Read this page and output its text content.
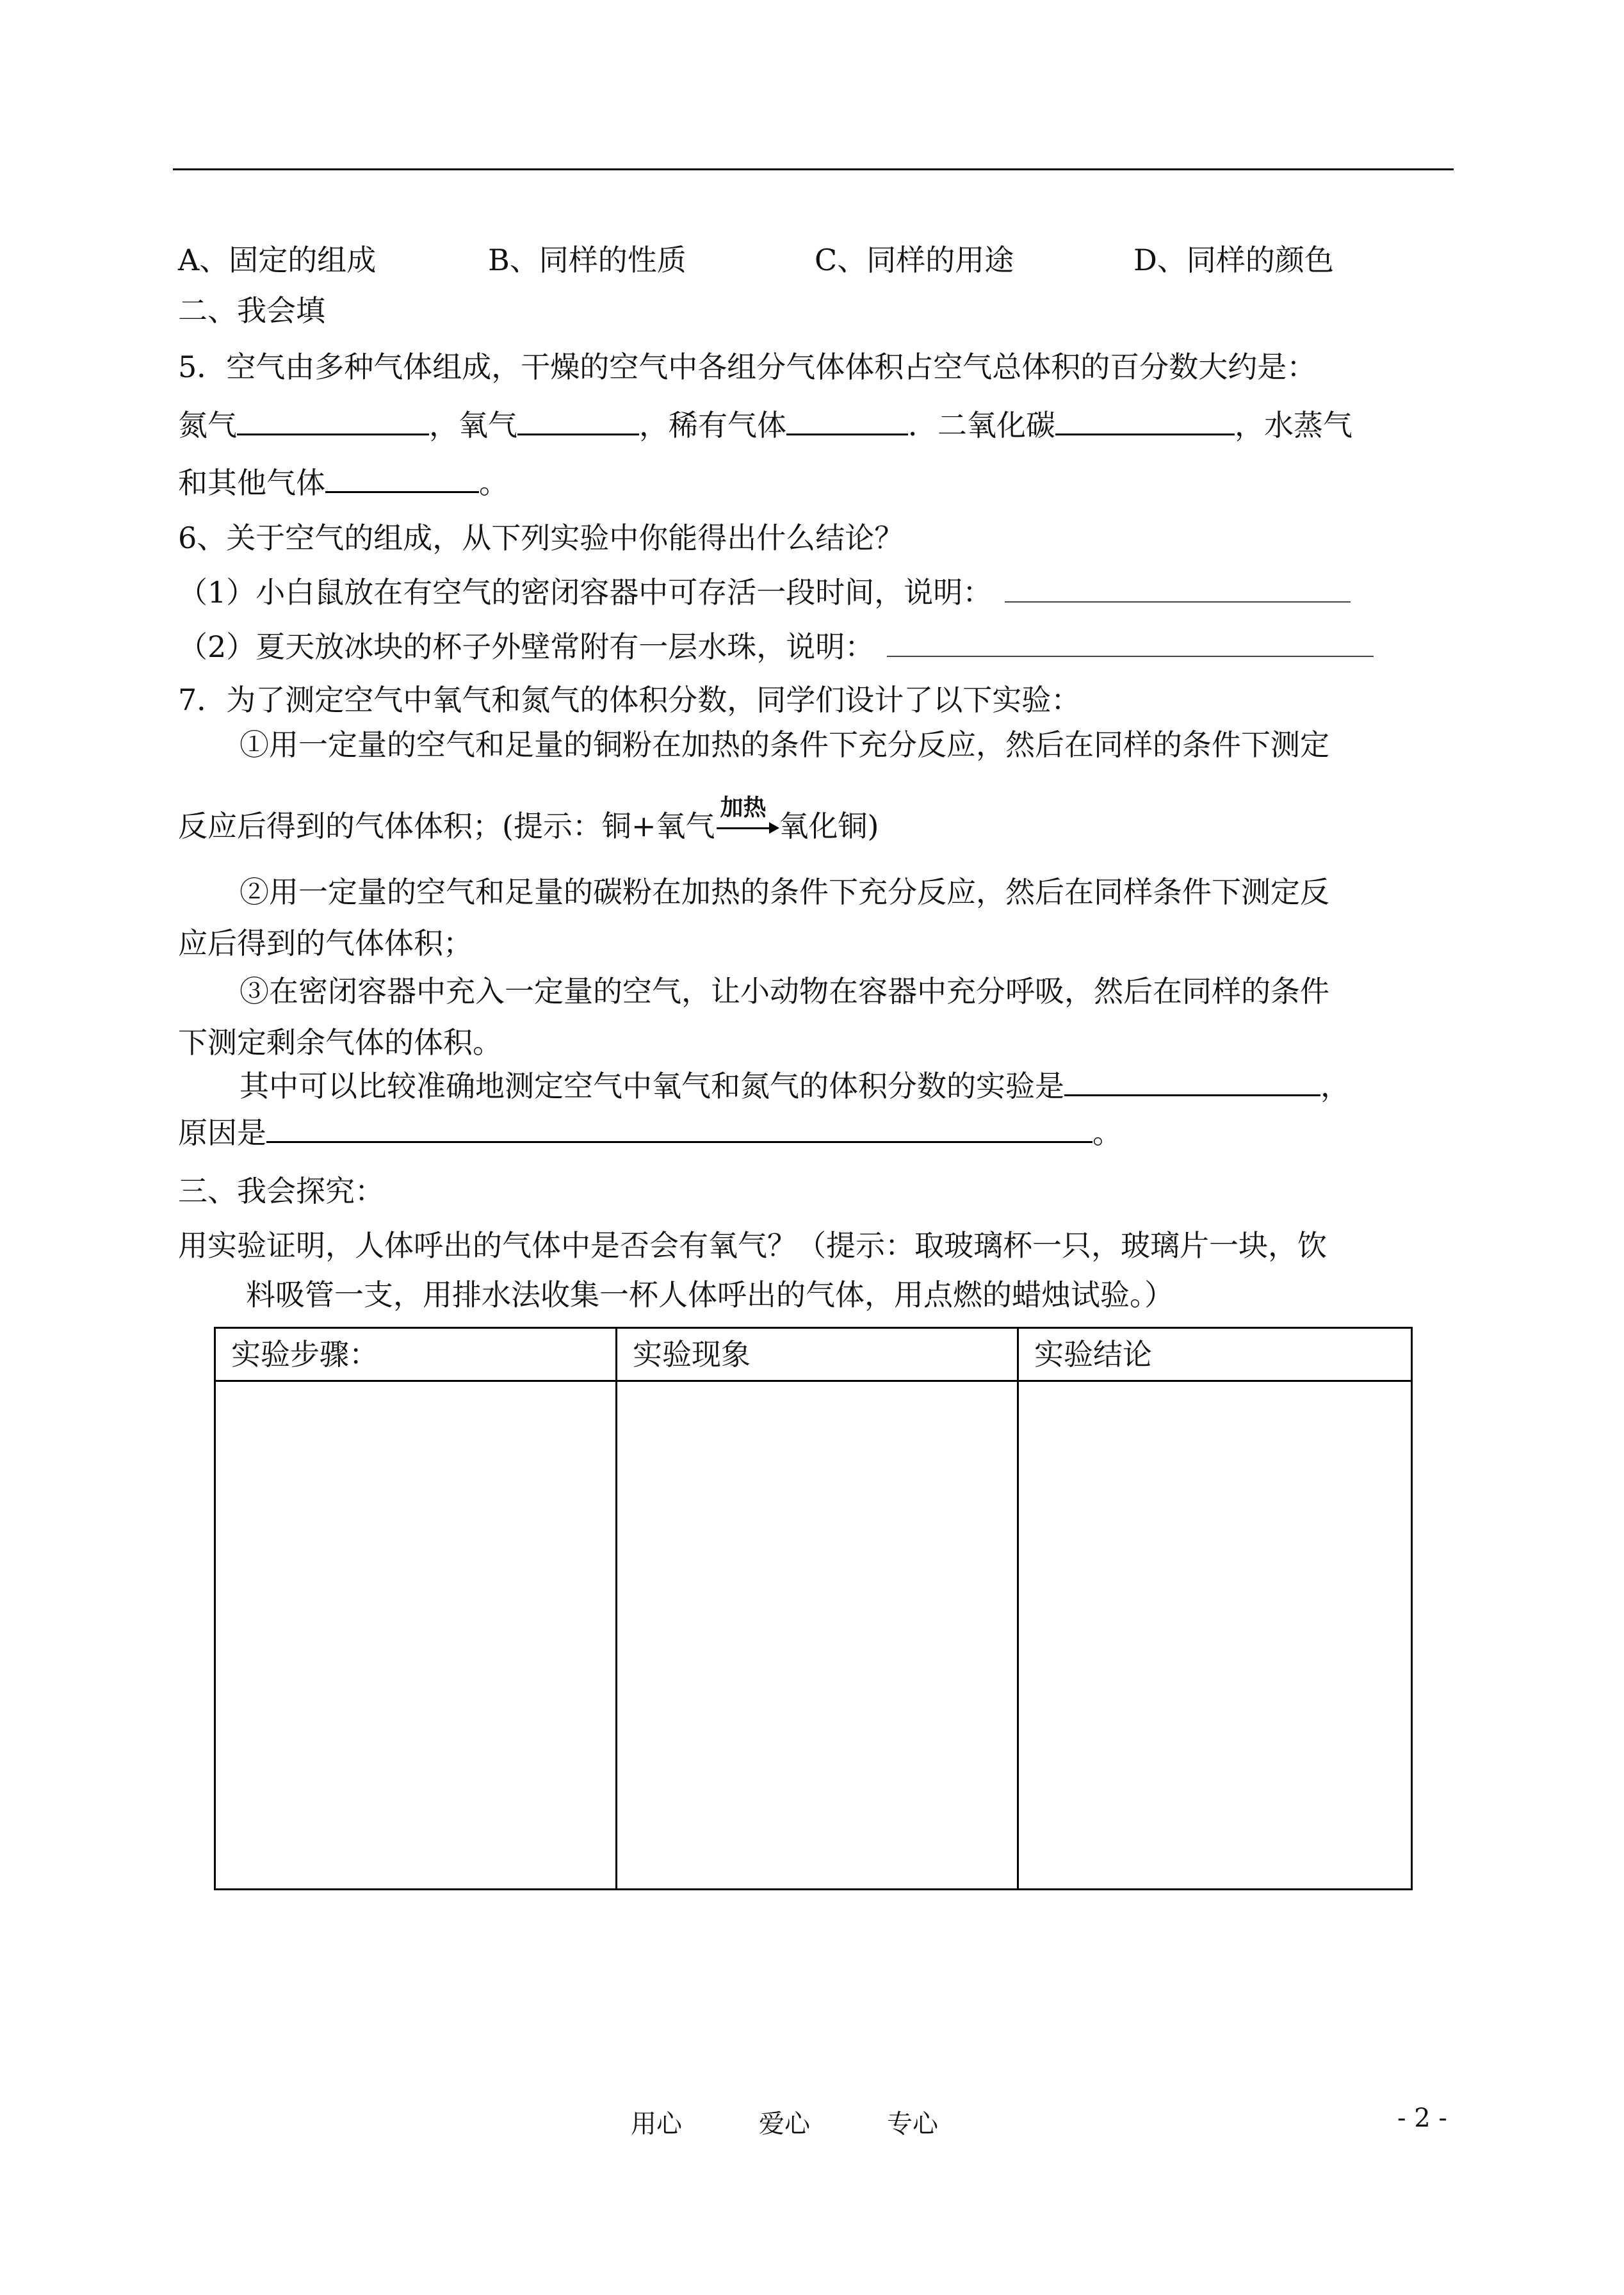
A、固定的组成	B、同样的性质	C、同样的用途	D、同样的颜色
二、我会填
5．空气由多种气体组成，干燥的空气中各组分气体体积占空气总体积的百分数大约是：
氮气	，氧气	，稀有气体	．二氧化碳	，水蒸气
和其他气体	。
6、关于空气的组成，从下列实验中你能得出什么结论？
（1）小白鼠放在有空气的密闭容器中可存活一段时间，说明：
（2）夏天放冰块的杯子外壁常附有一层水珠，说明：
7．为了测定空气中氧气和氮气的体积分数，同学们设计了以下实验：
①用一定量的空气和足量的铜粉在加热的条件下充分反应，然后在同样的条件下测定
反应后得到的气体体积；(提示：铜+氧气
加热
氧化铜)
②用一定量的空气和足量的碳粉在加热的条件下充分反应，然后在同样条件下测定反
应后得到的气体体积；
③在密闭容器中充入一定量的空气，让小动物在容器中充分呼吸，然后在同样的条件
下测定剩余气体的体积。
其中可以比较准确地测定空气中氧气和氮气的体积分数的实验是	，
原因是	。
三、我会探究：
用实验证明，人体呼出的气体中是否会有氧气？（提示：取玻璃杯一只，玻璃片一块，饮
料吸管一支，用排水法收集一杯人体呼出的气体，用点燃的蜡烛试验。）
实验步骤：	实验现象	实验结论

用心	爱心	专心	- 2 -
